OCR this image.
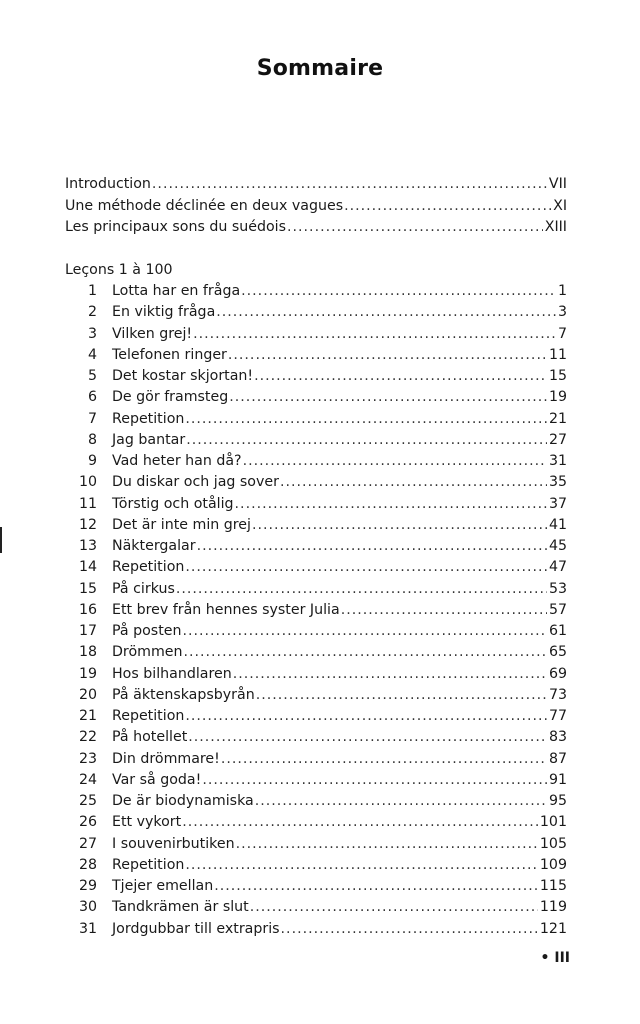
Sommaire
Introduction .....	VII
Une méthode déclinée en deux vagues .....	XI
Les principaux sons du suédois .....	XIII
Leçons 1 à 100
1 Lotta har en fråga .....	1
2 En viktig fråga .....	3
3 Vilken grej! .....	7
4 Telefonen ringer .....	11
5 Det kostar skjortan! .....	15
6 De gör framsteg .....	19
7 Repetition .....	21
8 Jag bantar .....	27
9 Vad heter han då? .....	31
10 Du diskar och jag sover .....	35
11 Törstig och otålig .....	37
12 Det är inte min grej .....	41
13 Näktergalar .....	45
14 Repetition .....	47
15 På cirkus .....	53
16 Ett brev från hennes syster Julia .....	57
17 På posten .....	61
18 Drömmen .....	65
19 Hos bilhandlaren .....	69
20 På äktenskapsbyrån .....	73
21 Repetition .....	77
22 På hotellet .....	83
23 Din drömmare! .....	87
24 Var så goda! .....	91
25 De är biodynamiska .....	95
26 Ett vykort .....	101
27 I souvenirbutiken .....	105
28 Repetition .....	109
29 Tjejer emellan .....	115
30 Tandkrämen är slut .....	119
31 Jordgubbar till extrapris .....	121
• III
